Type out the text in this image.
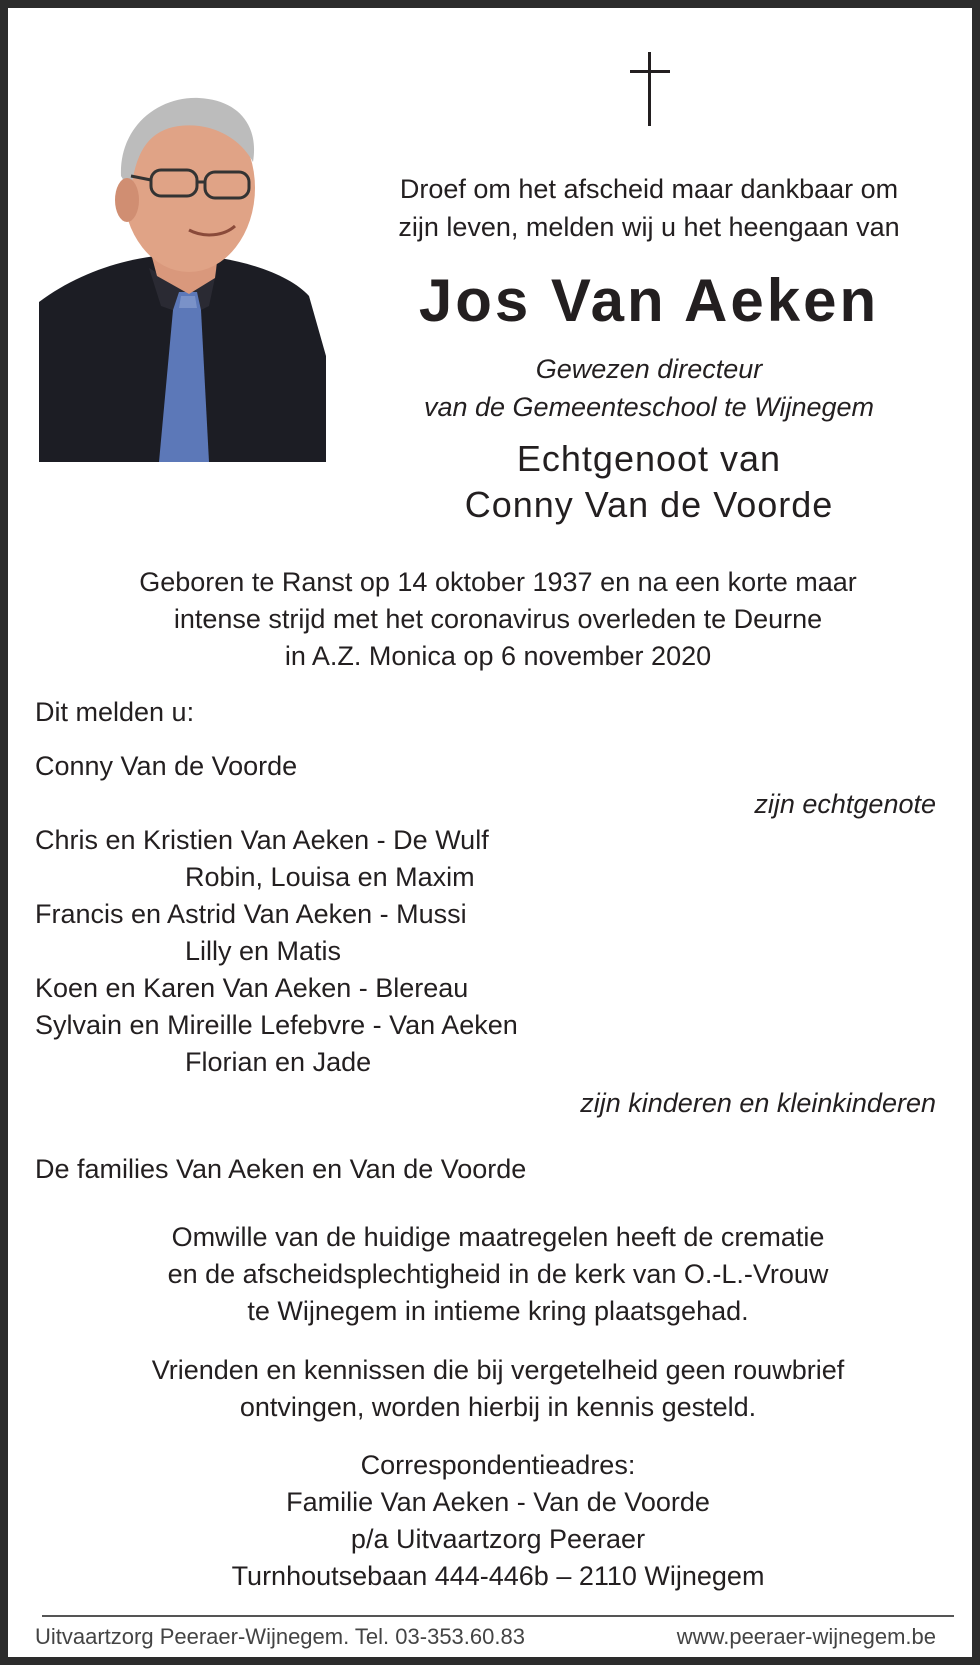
Droef om het afscheid maar dankbaar om
zijn leven, melden wij u het heengaan van
Jos Van Aeken
Gewezen directeur
van de Gemeenteschool te Wijnegem
Echtgenoot van
Conny Van de Voorde
Geboren te Ranst op 14 oktober 1937 en na een korte maar
intense strijd met het coronavirus overleden te Deurne
in A.Z. Monica op 6 november 2020
Dit melden u:
Conny Van de Voorde
zijn echtgenote
Chris en Kristien Van Aeken - De Wulf
Robin, Louisa en Maxim
Francis en Astrid Van Aeken - Mussi
Lilly en Matis
Koen en Karen Van Aeken - Blereau
Sylvain en Mireille Lefebvre - Van Aeken
Florian en Jade
zijn kinderen en kleinkinderen
De families Van Aeken en Van de Voorde
Omwille van de huidige maatregelen heeft de crematie
en de afscheidsplechtigheid in de kerk van O.-L.-Vrouw
te Wijnegem in intieme kring plaatsgehad.
Vrienden en kennissen die bij vergetelheid geen rouwbrief
ontvingen, worden hierbij in kennis gesteld.
Correspondentieadres:
Familie Van Aeken - Van de Voorde
p/a Uitvaartzorg Peeraer
Turnhoutsebaan 444-446b – 2110 Wijnegem
Uitvaartzorg Peeraer-Wijnegem. Tel. 03-353.60.83	www.peeraer-wijnegem.be
